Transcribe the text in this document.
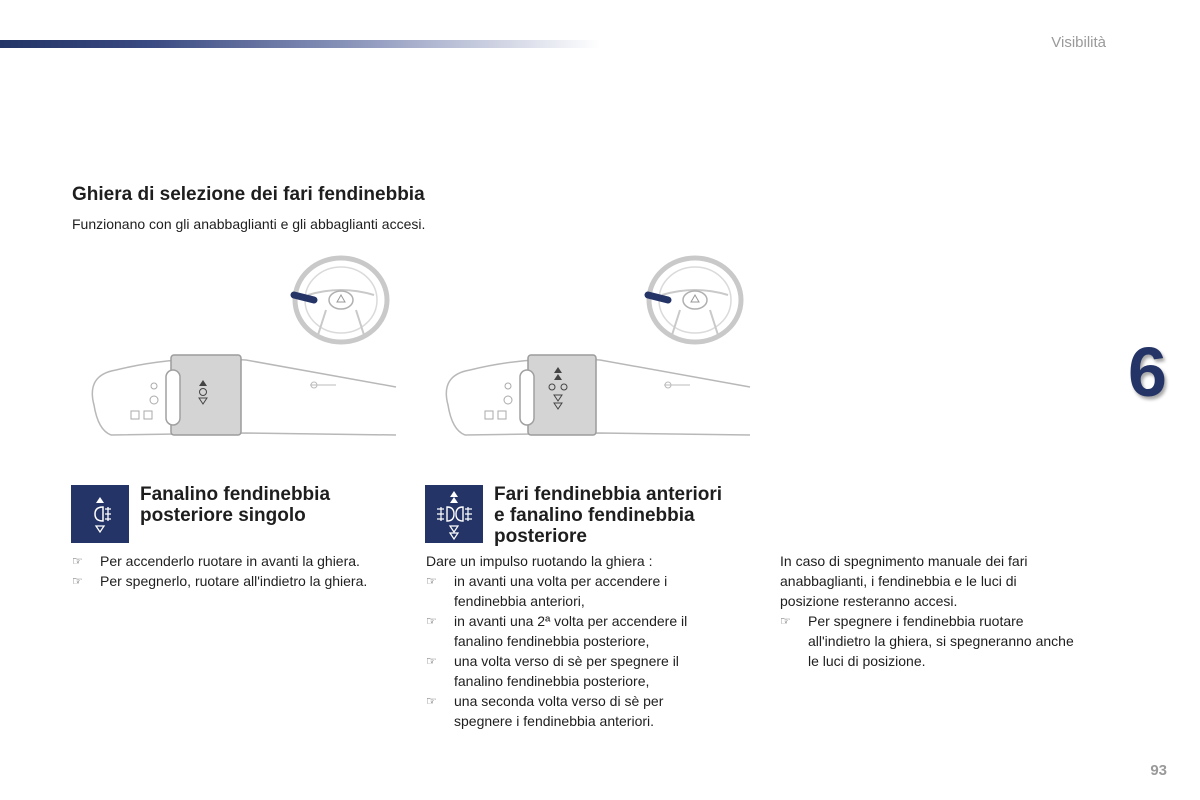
Visibilità
6
Ghiera di selezione dei fari fendinebbia

Funzionano con gli anabbaglianti e gli abbaglianti accesi.

Fanalino fendinebbia
posteriore singolo
☞ Per accenderlo ruotare in avanti la ghiera.
☞ Per spegnerlo, ruotare all'indietro la ghiera.
Fari fendinebbia anteriori
e fanalino fendinebbia
posteriore

Dare un impulso ruotando la ghiera :

☞ in avanti una volta per accendere i
fendinebbia anteriori,
☞ in avanti una 2ª volta per accendere il
fanalino fendinebbia posteriore,
☞ una volta verso di sè per spegnere il
fanalino fendinebbia posteriore,
☞ una seconda volta verso di sè per
spegnere i fendinebbia anteriori.

In caso di spegnimento manuale dei fari
anabbaglianti, i fendinebbia e le luci di
posizione resteranno accesi.

☞ Per spegnere i fendinebbia ruotare
all'indietro la ghiera, si spegneranno anche
le luci di posizione.
93
